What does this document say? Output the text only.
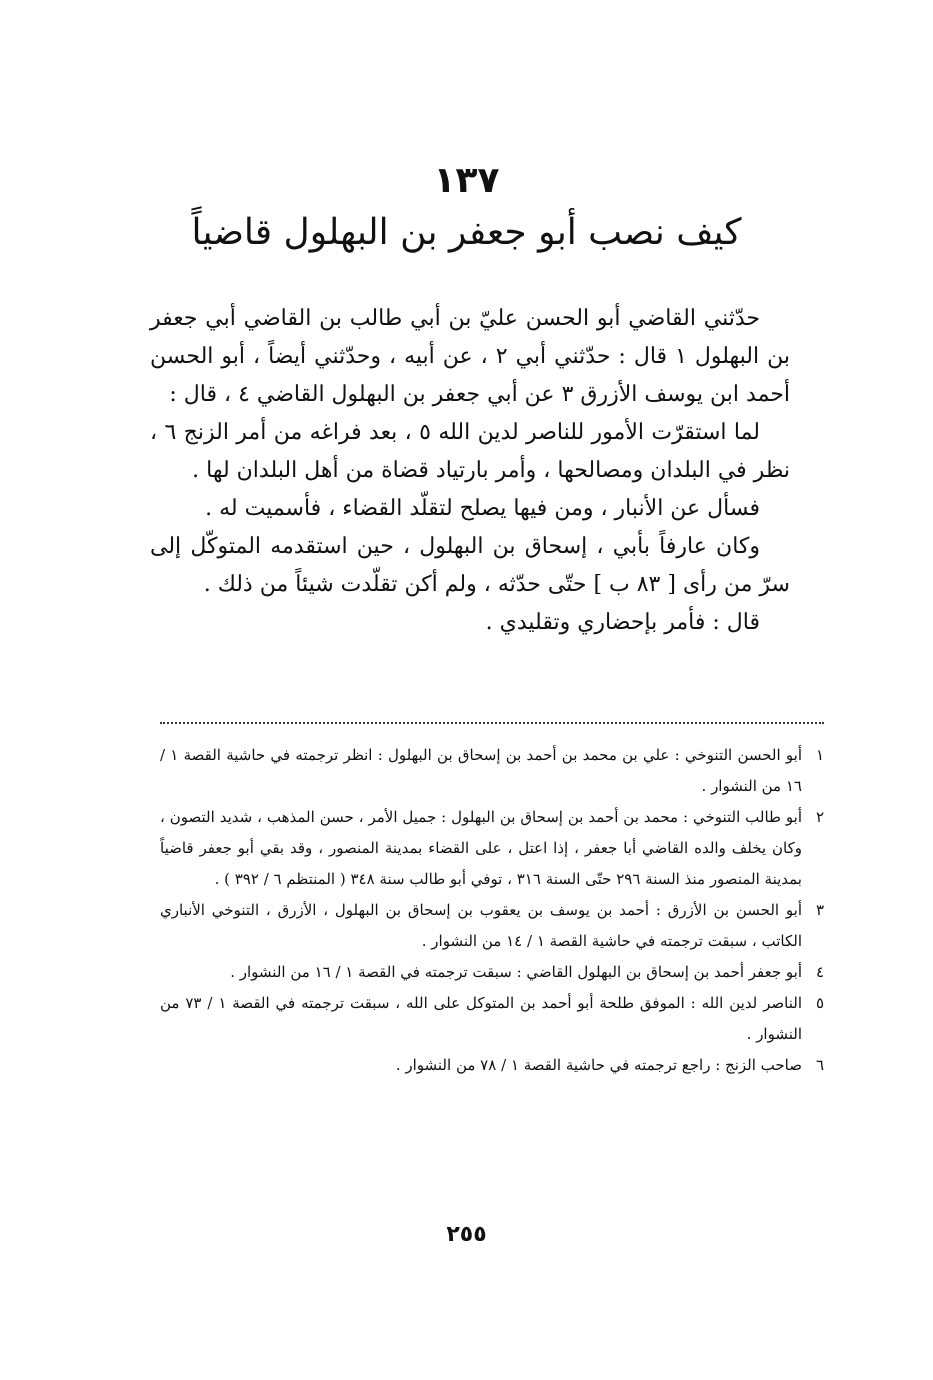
١٣٧
كيف نصب أبو جعفر بن البهلول قاضياً

حدّثني القاضي أبو الحسن عليّ بن أبي طالب بن القاضي أبي جعفر بن البهلول ١ قال : حدّثني أبي ٢ ، عن أبيه ، وحدّثني أيضاً ، أبو الحسن أحمد ابن يوسف الأزرق ٣ عن أبي جعفر بن البهلول القاضي ٤ ، قال :

لما استقرّت الأمور للناصر لدين الله ٥ ، بعد فراغه من أمر الزنج ٦ ، نظر في البلدان ومصالحها ، وأمر بارتياد قضاة من أهل البلدان لها .

فسأل عن الأنبار ، ومن فيها يصلح لتقلّد القضاء ، فأسميت له .

وكان عارفاً بأبي ، إسحاق بن البهلول ، حين استقدمه المتوكّل إلى سرّ من رأى [ ٨٣ ب ] حتّى حدّثه ، ولم أكن تقلّدت شيئاً من ذلك .

قال : فأمر بإحضاري وتقليدي .

١
أبو الحسن التنوخي : علي بن محمد بن أحمد بن إسحاق بن البهلول : انظر ترجمته في حاشية القصة ١ / ١٦ من النشوار .
٢
أبو طالب التنوخي : محمد بن أحمد بن إسحاق بن البهلول : جميل الأمر ، حسن المذهب ، شديد التصون ، وكان يخلف والده القاضي أبا جعفر ، إذا اعتل ، على القضاء بمدينة المنصور ، وقد بقي أبو جعفر قاضياً بمدينة المنصور منذ السنة ٢٩٦ حتّى السنة ٣١٦ ، توفي أبو طالب سنة ٣٤٨ ( المنتظم ٦ / ٣٩٢ ) .
٣
أبو الحسن بن الأزرق : أحمد بن يوسف بن يعقوب بن إسحاق بن البهلول ، الأزرق ، التنوخي الأنباري الكاتب ، سبقت ترجمته في حاشية القصة ١ / ١٤ من النشوار .
٤
أبو جعفر أحمد بن إسحاق بن البهلول القاضي : سبقت ترجمته في القصة ١ / ١٦ من النشوار .
٥
الناصر لدين الله : الموفق طلحة أبو أحمد بن المتوكل على الله ، سبقت ترجمته في القصة ١ / ٧٣ من النشوار .
٦
صاحب الزنج : راجع ترجمته في حاشية القصة ١ / ٧٨ من النشوار .
٢٥٥
